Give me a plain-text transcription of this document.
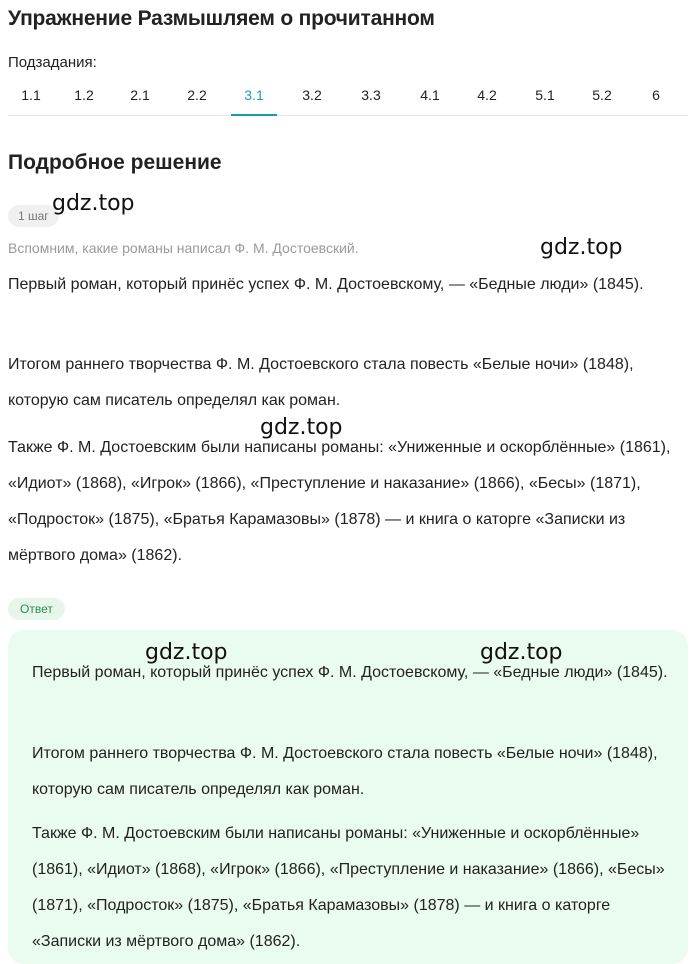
Упражнение Размышляем о прочитанном
Подзадания:
1.1	1.2	2.1	2.2	3.1	3.2	3.3	4.1	4.2	5.1	5.2	6
Подробное решение
1 шаг
Вспомним, какие романы написал Ф. М. Достоевский.
Первый роман, который принёс успех Ф. М. Достоевскому, — «Бедные люди» (1845).
Итогом раннего творчества Ф. М. Достоевского стала повесть «Белые ночи» (1848), которую сам писатель определял как роман.
Также Ф. М. Достоевским были написаны романы: «Униженные и оскорблённые» (1861), «Идиот» (1868), «Игрок» (1866), «Преступление и наказание» (1866), «Бесы» (1871), «Подросток» (1875), «Братья Карамазовы» (1878) — и книга о каторге «Записки из мёртвого дома» (1862).
Ответ
Первый роман, который принёс успех Ф. М. Достоевскому, — «Бедные люди» (1845).
Итогом раннего творчества Ф. М. Достоевского стала повесть «Белые ночи» (1848), которую сам писатель определял как роман.
Также Ф. М. Достоевским были написаны романы: «Униженные и оскорблённые» (1861), «Идиот» (1868), «Игрок» (1866), «Преступление и наказание» (1866), «Бесы» (1871), «Подросток» (1875), «Братья Карамазовы» (1878) — и книга о каторге «Записки из мёртвого дома» (1862).
gdz.top
gdz.top
gdz.top
gdz.top	gdz.top
